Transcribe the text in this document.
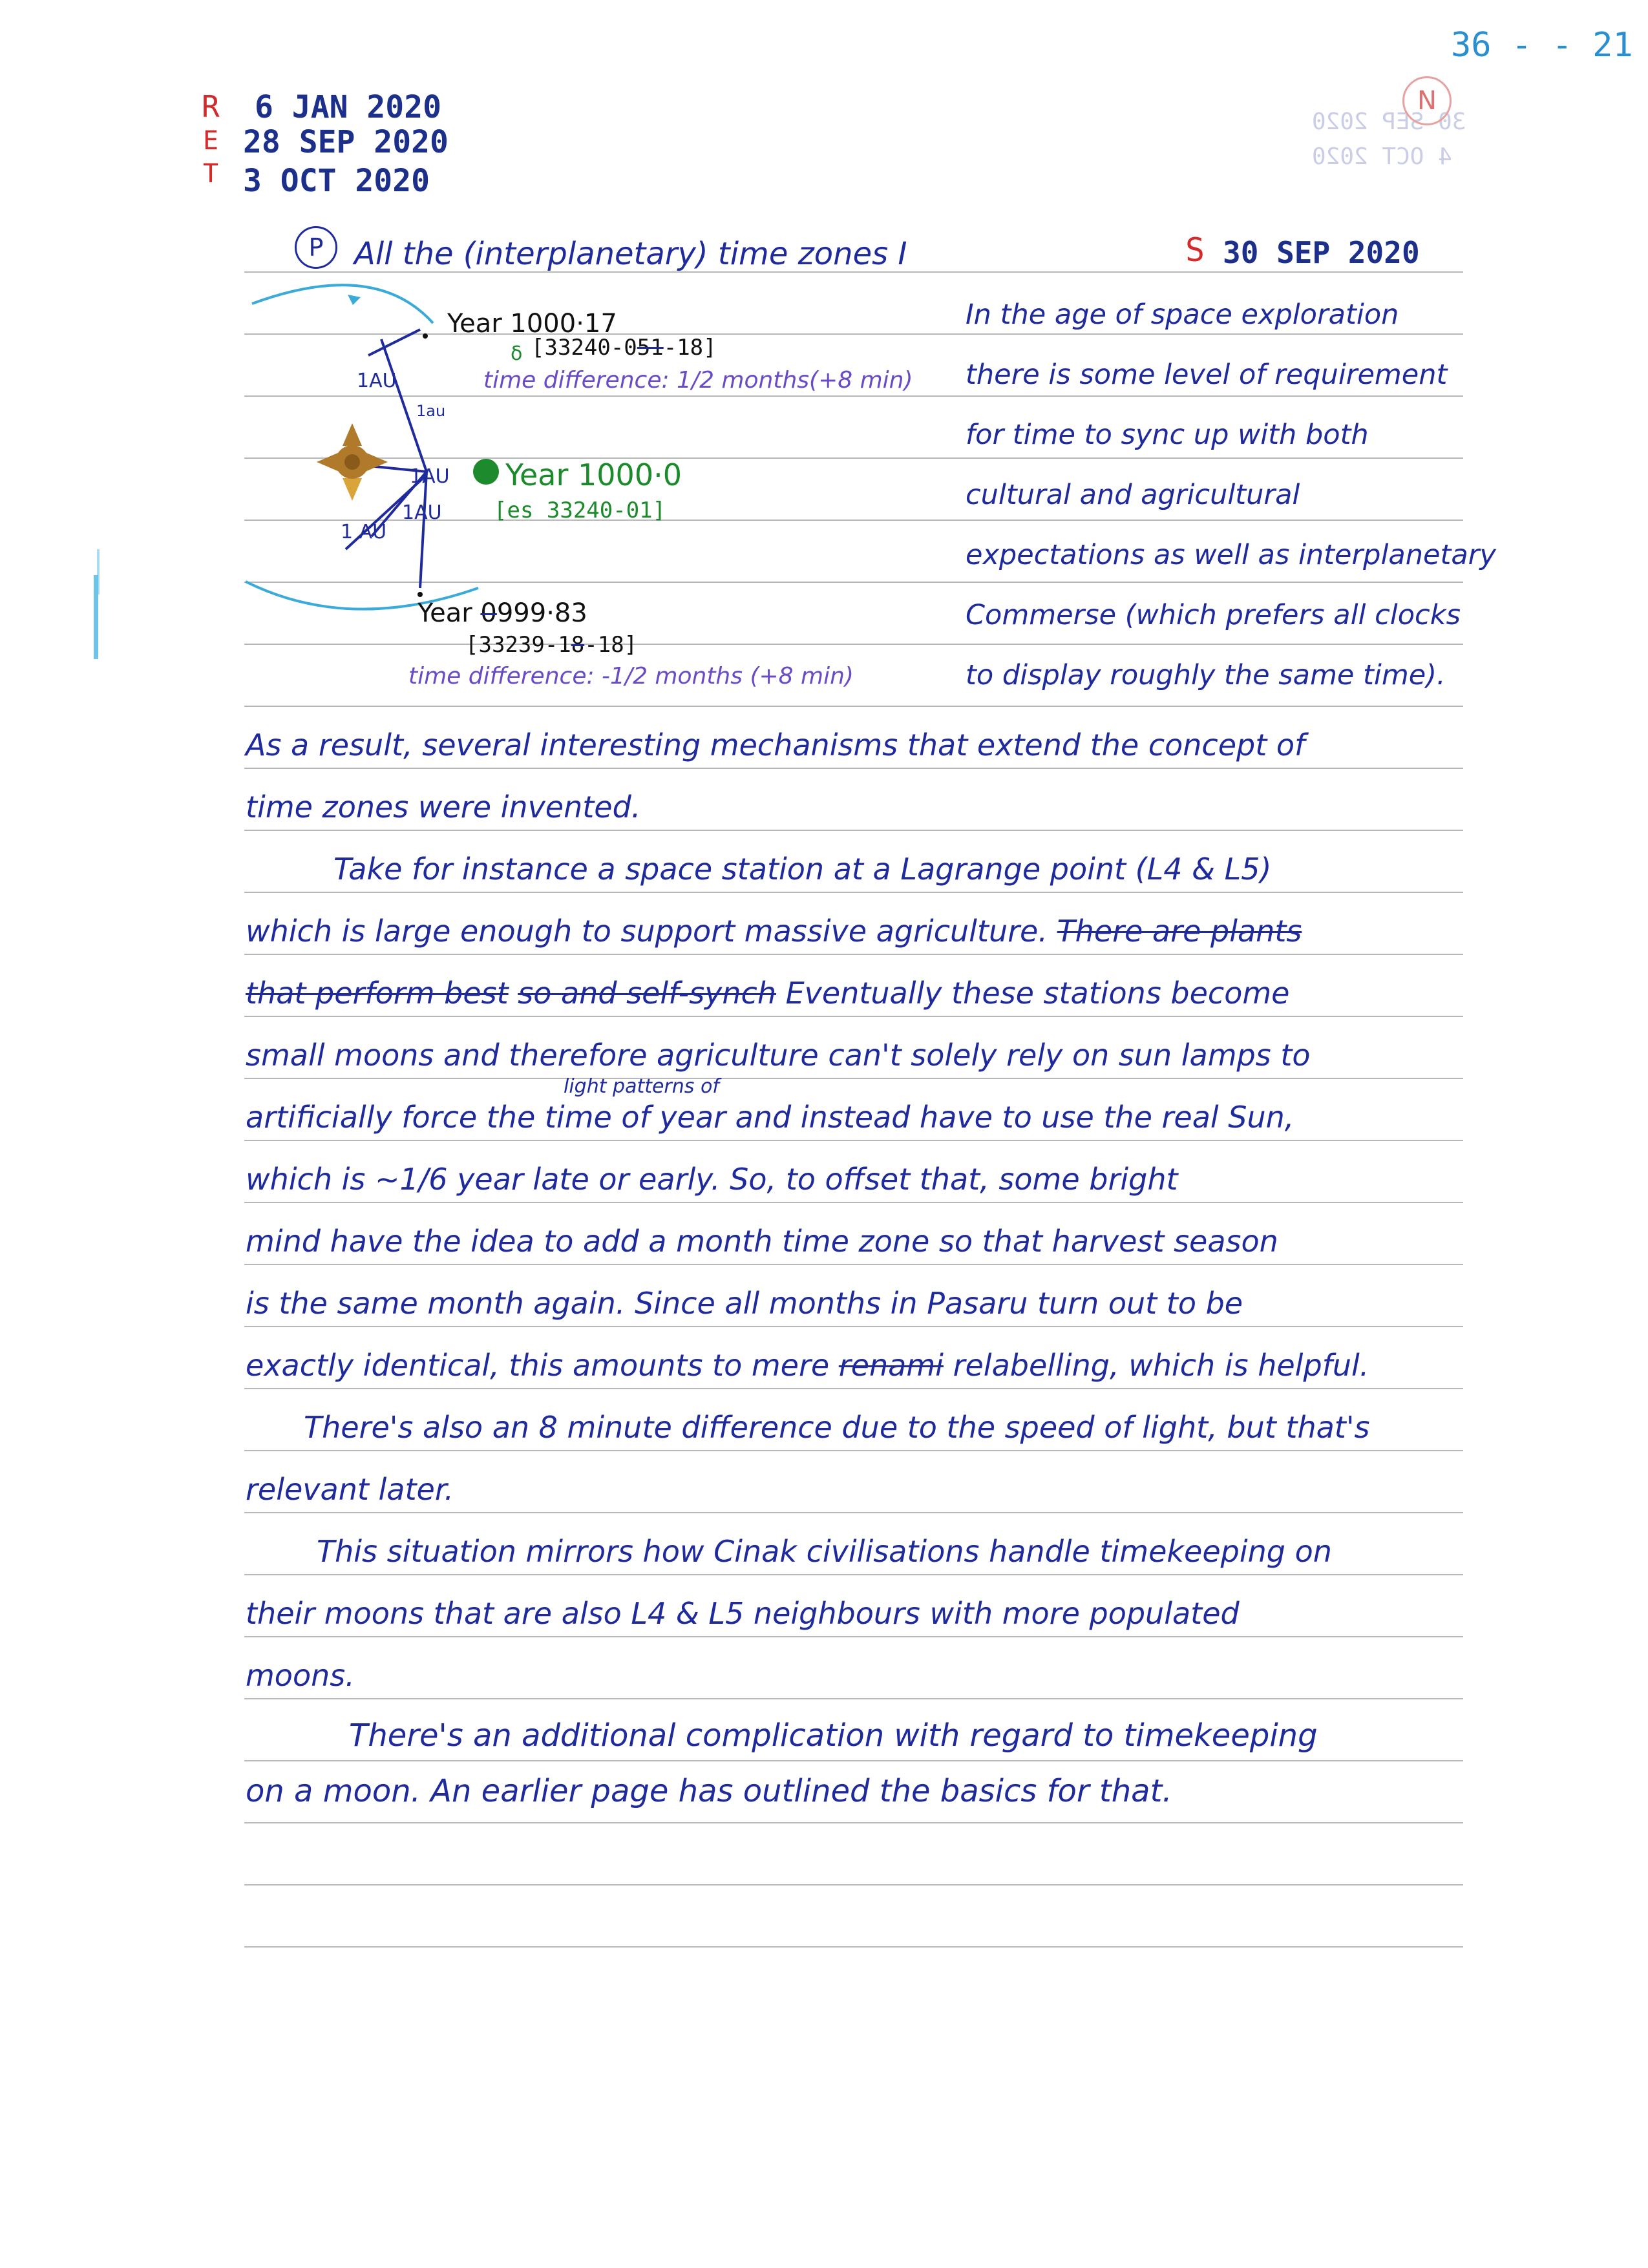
36 - - 21
R
E
T
6 JAN 2020
28 SEP 2020
3 OCT 2020
30 SEP 2020
4 OCT 2020
N
P All the (interplanetary) time zones I	S 30 SEP 2020
1AU
1au
1AU
1 AU
1AU
Year 1000·17
δ [33240-051-18]
time difference: 1/2 months(+8 min)
Year 1000·0
[es 33240-01]
Year 0999·83
[33239-18-18]
time difference: -1/2 months (+8 min)
In the age of space exploration
there is some level of requirement
for time to sync up with both
cultural and agricultural
expectations as well as interplanetary
Commerse (which prefers all clocks
to display roughly the same time).
As a result, several interesting mechanisms that extend the concept of
time zones were invented.
Take for instance a space station at a Lagrange point (L4 & L5)
which is large enough to support massive agriculture. There are plants
that perform best so and self-synch Eventually these stations become
small moons and therefore agriculture can't solely rely on sun lamps to
light patterns of
artificially force the time of year and instead have to use the real Sun,
which is ~1/6 year late or early. So, to offset that, some bright
mind have the idea to add a month time zone so that harvest season
is the same month again. Since all months in Pasaru turn out to be
exactly identical, this amounts to mere renami relabelling, which is helpful.
There's also an 8 minute difference due to the speed of light, but that's
relevant later.
This situation mirrors how Cinak civilisations handle timekeeping on
their moons that are also L4 & L5 neighbours with more populated
moons.
There's an additional complication with regard to timekeeping
on a moon. An earlier page has outlined the basics for that.
